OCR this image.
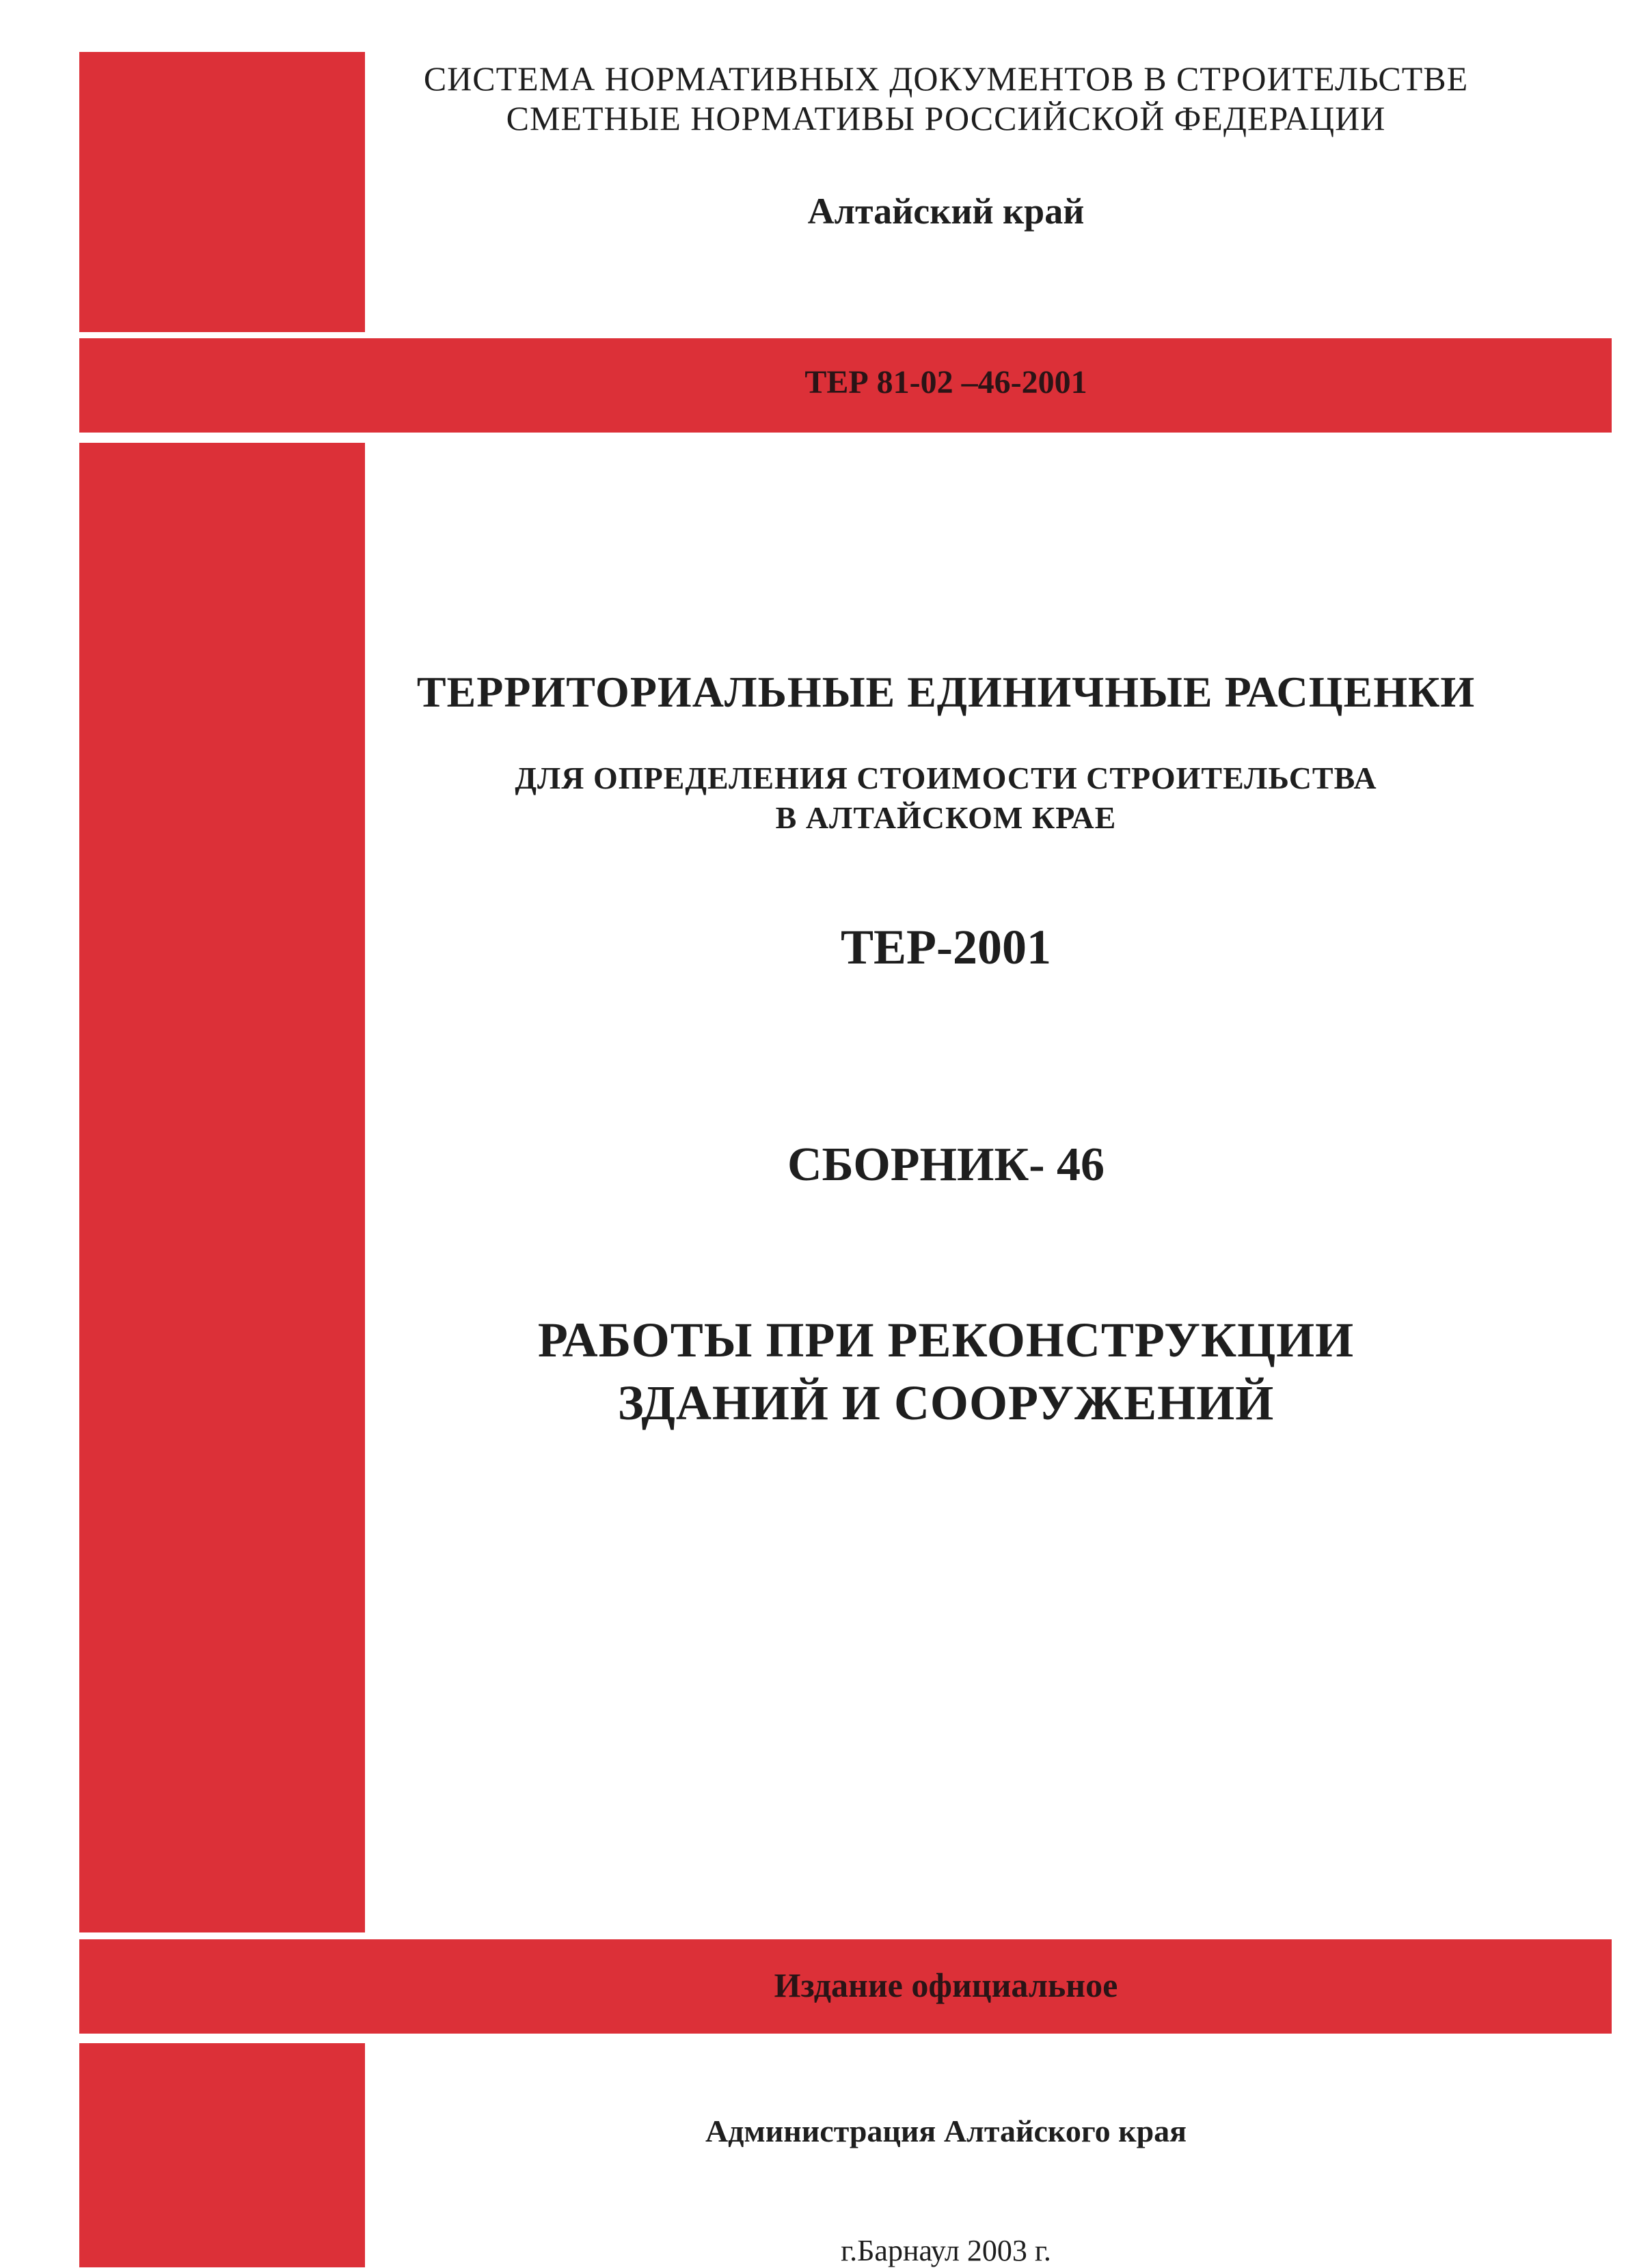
СИСТЕМА НОРМАТИВНЫХ ДОКУМЕНТОВ В СТРОИТЕЛЬСТВЕ
СМЕТНЫЕ НОРМАТИВЫ РОССИЙСКОЙ ФЕДЕРАЦИИ
Алтайский край
ТЕР 81-02 –46-2001
ТЕРРИТОРИАЛЬНЫЕ ЕДИНИЧНЫЕ РАСЦЕНКИ
ДЛЯ ОПРЕДЕЛЕНИЯ СТОИМОСТИ СТРОИТЕЛЬСТВА
В АЛТАЙСКОМ КРАЕ
ТЕР-2001
СБОРНИК- 46
РАБОТЫ ПРИ РЕКОНСТРУКЦИИ
ЗДАНИЙ И СООРУЖЕНИЙ
Издание официальное
Администрация Алтайского края
г.Барнаул 2003 г.
